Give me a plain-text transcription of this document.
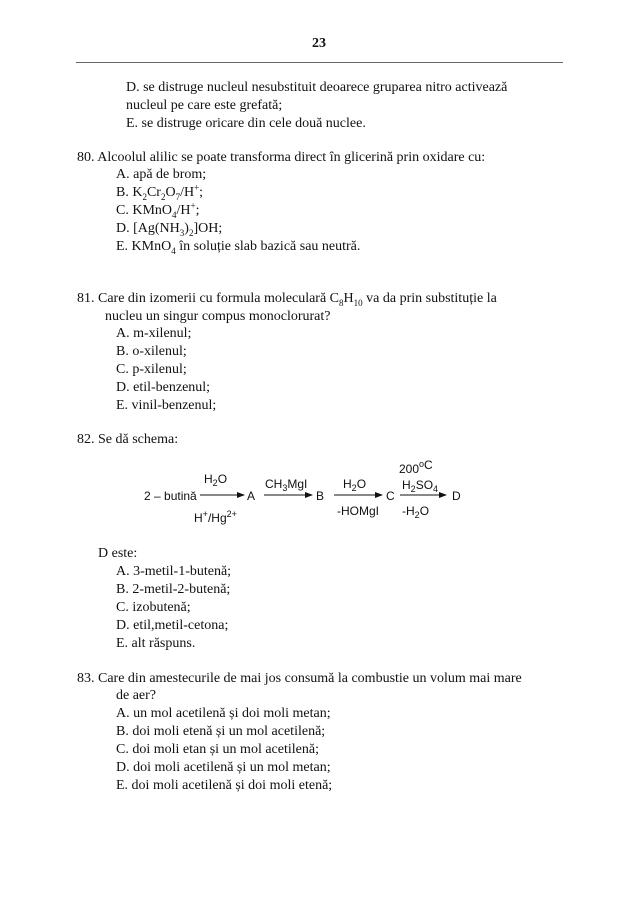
23
D. se distruge nucleul nesubstituit deoarece gruparea nitro activează
nucleul pe care este grefată;
E. se distruge oricare din cele două nuclee.
80. Alcoolul alilic se poate transforma direct în glicerină prin oxidare cu:
A. apă de brom;
B. $K_2Cr_2O_7/H^+$;
C. KMnO$_4$/H+;
D. $[Ag(NH_3)_2]OH$;
E. KMnO$_4$ în soluție slab bazică sau neutră.
81. Care din izomerii cu formula moleculară $C_8H_{10}$ va da prin substituție la
nucleu un singur compus monoclorurat?
A. m-xilenul;
B. o-xilenul;
C. p-xilenul;
D. etil-benzenul;
E. vinil-benzenul;
82. Se dă schema:
2 – butină	A	B	C	D
$H_2O$
$H^+/Hg^{2+}$
$CH_3MgI$	$H_2O$
-HOMgI
200$^o$C
$H_2SO_4$
$-H_2O$
D este:
A. 3-metil-1-butenă;
B. 2-metil-2-butenă;
C. izobutenă;
D. etil,metil-cetona;
E. alt răspuns.
83. Care din amestecurile de mai jos consumă la combustie un volum mai mare
de aer?
A. un mol acetilenă și doi moli metan;
B. doi moli etenă și un mol acetilenă;
C. doi moli etan și un mol acetilenă;
D. doi moli acetilenă și un mol metan;
E. doi moli acetilenă și doi moli etenă;
